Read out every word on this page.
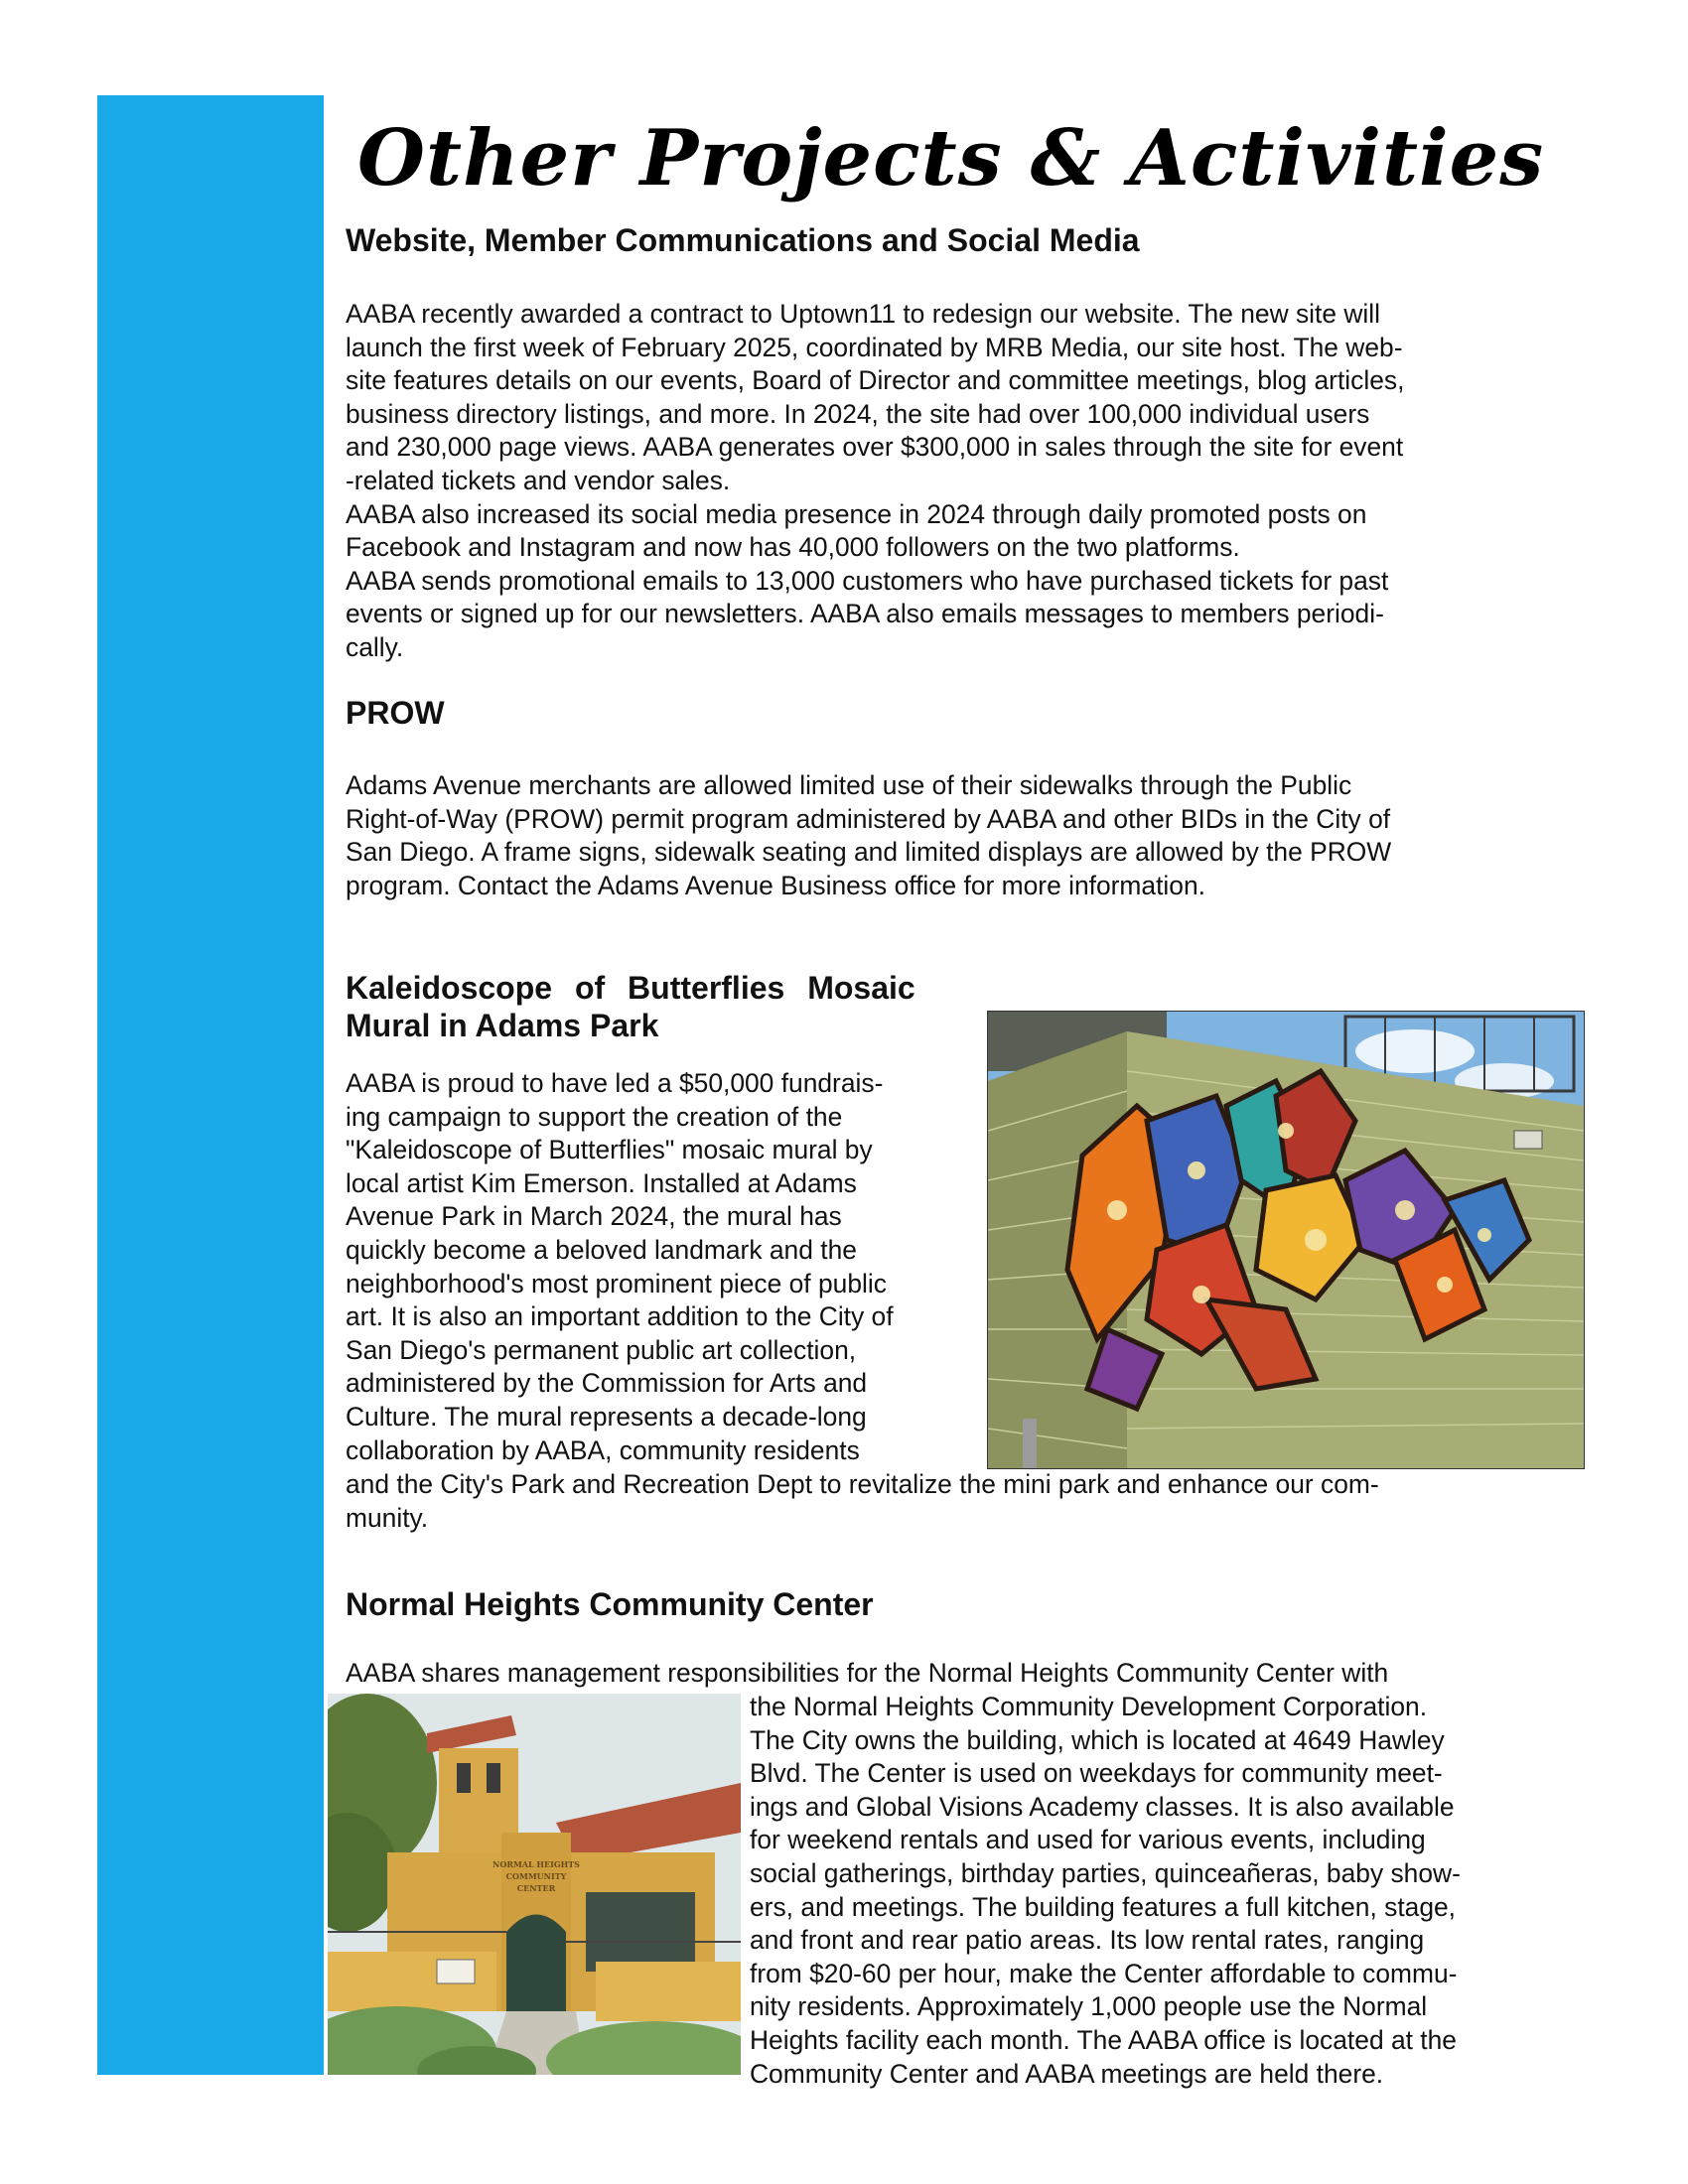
Other Projects & Activities
Website, Member Communications and Social Media

AABA recently awarded a contract to Uptown11 to redesign our website. The new site will
launch the first week of February 2025, coordinated by MRB Media, our site host. The web-
site features details on our events, Board of Director and committee meetings, blog articles,
business directory listings, and more. In 2024, the site had over 100,000 individual users
and 230,000 page views. AABA generates over $300,000 in sales through the site for event
-related tickets and vendor sales.

AABA also increased its social media presence in 2024 through daily promoted posts on
Facebook and Instagram and now has 40,000 followers on the two platforms.

AABA sends promotional emails to 13,000 customers who have purchased tickets for past
events or signed up for our newsletters. AABA also emails messages to members periodi-
cally.

PROW

Adams Avenue merchants are allowed limited use of their sidewalks through the Public
Right-of-Way (PROW) permit program administered by AABA and other BIDs in the City of
San Diego. A frame signs, sidewalk seating and limited displays are allowed by the PROW
program. Contact the Adams Avenue Business office for more information.

Kaleidoscope of Butterflies Mosaic
Mural in Adams Park

AABA is proud to have led a $50,000 fundrais-
ing campaign to support the creation of the
"Kaleidoscope of Butterflies" mosaic mural by
local artist Kim Emerson. Installed at Adams
Avenue Park in March 2024, the mural has
quickly become a beloved landmark and the
neighborhood's most prominent piece of public
art. It is also an important addition to the City of
San Diego's permanent public art collection,
administered by the Commission for Arts and
Culture. The mural represents a decade-long
collaboration by AABA, community residents

and the City's Park and Recreation Dept to revitalize the mini park and enhance our com-
munity.

Normal Heights Community Center

AABA shares management responsibilities for the Normal Heights Community Center with

the Normal Heights Community Development Corporation.
The City owns the building, which is located at 4649 Hawley
Blvd. The Center is used on weekdays for community meet-
ings and Global Visions Academy classes. It is also available
for weekend rentals and used for various events, including
social gatherings, birthday parties, quinceañeras, baby show-
ers, and meetings. The building features a full kitchen, stage,
and front and rear patio areas. Its low rental rates, ranging
from $20-60 per hour, make the Center affordable to commu-
nity residents. Approximately 1,000 people use the Normal
Heights facility each month. The AABA office is located at the
Community Center and AABA meetings are held there.

NORMAL HEIGHTS
COMMUNITY
CENTER
